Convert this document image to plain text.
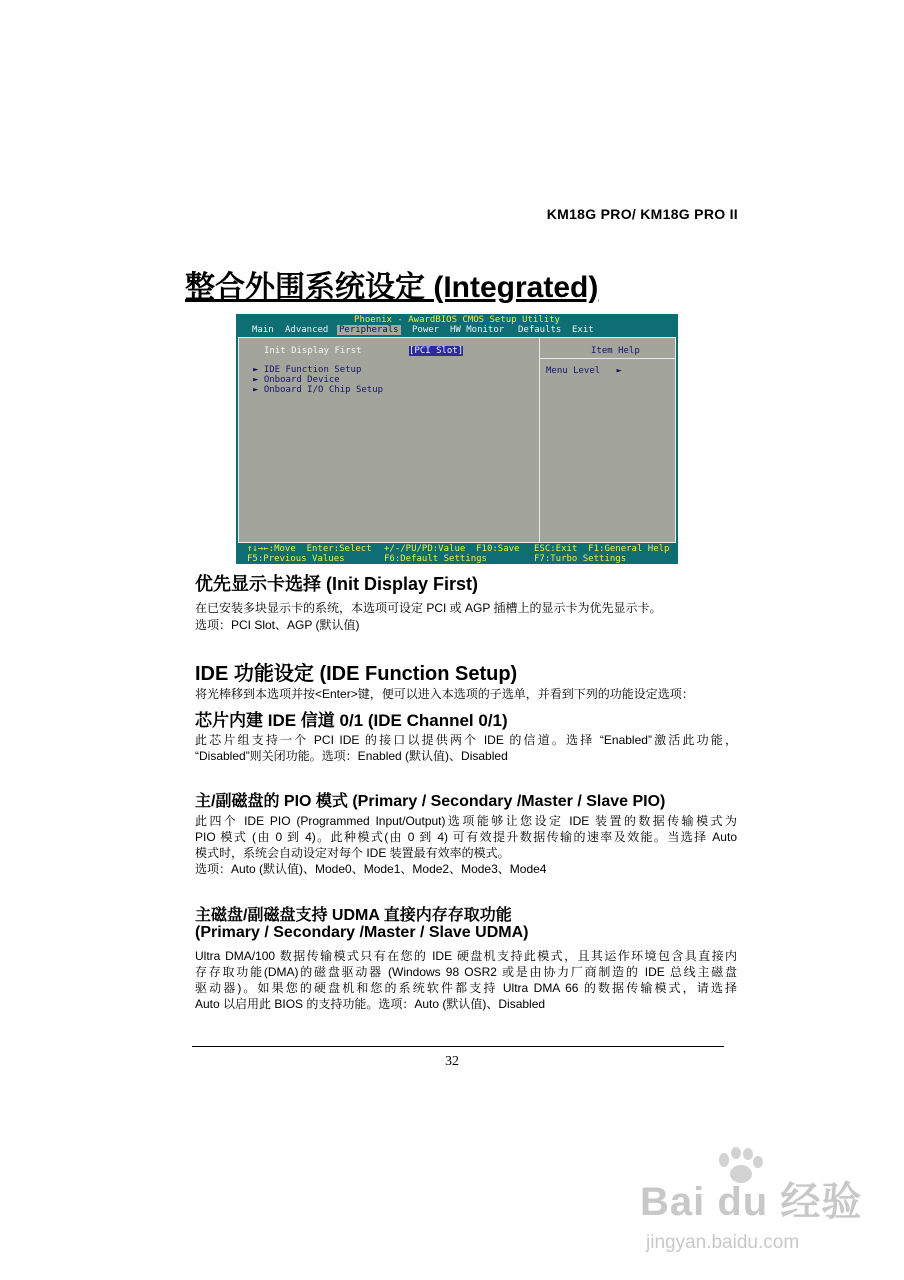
KM18G PRO/ KM18G PRO II
整合外围系统设定 (Integrated)
Phoenix - AwardBIOS CMOS Setup Utility
Main Advanced Peripherals Power HW Monitor Defaults Exit
Init Display First	[PCI Slot]
► IDE Function Setup
► Onboard Device
► Onboard I/O Chip Setup
Item Help
Menu Level   ►
↑↓→←:Move  Enter:Select +/-/PU/PD:Value  F10:Save ESC:Exit  F1:General Help
F5:Previous Values	F6:Default Settings	F7:Turbo Settings
优先显示卡选择 (Init Display First)
在已安装多块显示卡的系统，本选项可设定 PCI 或 AGP 插槽上的显示卡为优先显示卡。
选项：PCI Slot、AGP (默认值)
IDE 功能设定 (IDE Function Setup)
将光棒移到本选项并按<Enter>键，便可以进入本选项的子选单，并看到下列的功能设定选项：
芯片内建 IDE 信道 0/1 (IDE Channel 0/1)
此芯片组支持一个 PCI IDE 的接口以提供两个 IDE 的信道。选择 “Enabled”激活此功能，
“Disabled”则关闭功能。选项：Enabled (默认值)、Disabled
主/副磁盘的 PIO 模式 (Primary / Secondary /Master / Slave PIO)
此四个 IDE PIO (Programmed Input/Output)选项能够让您设定 IDE 装置的数据传输模式为
PIO 模式 (由 0 到 4)。此种模式(由 0 到 4) 可有效提升数据传输的速率及效能。当选择 Auto
模式时，系统会自动设定对每个 IDE 装置最有效率的模式。
选项：Auto (默认值)、Mode0、Mode1、Mode2、Mode3、Mode4
主磁盘/副磁盘支持 UDMA 直接内存存取功能
(Primary / Secondary /Master / Slave UDMA)
Ultra DMA/100 数据传输模式只有在您的 IDE 硬盘机支持此模式，且其运作环境包含具直接内
存存取功能(DMA)的磁盘驱动器 (Windows 98 OSR2 或是由协力厂商制造的 IDE 总线主磁盘
驱动器)。如果您的硬盘机和您的系统软件都支持 Ultra DMA 66 的数据传输模式，请选择
Auto 以启用此 BIOS 的支持功能。选项：Auto (默认值)、Disabled
32
Bai du 经验
jingyan.baidu.com
